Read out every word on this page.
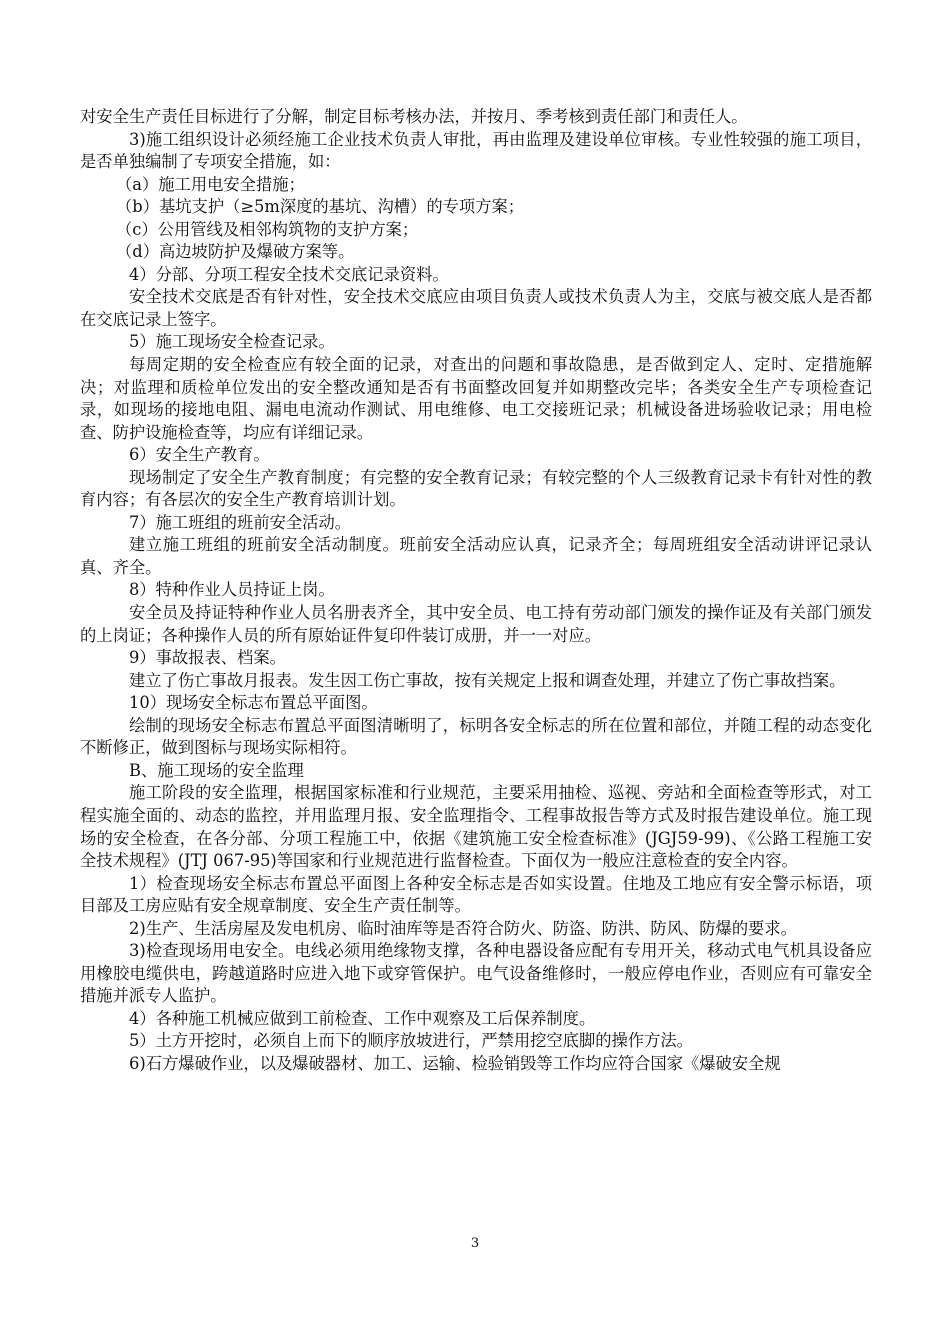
对安全生产责任目标进行了分解，制定目标考核办法，并按月、季考核到责任部门和责任人。

3)施工组织设计必须经施工企业技术负责人审批，再由监理及建设单位审核。专业性较强的施工项目，是否单独编制了专项安全措施，如：

（a）施工用电安全措施；

（b）基坑支护（≥5m深度的基坑、沟槽）的专项方案；

（c）公用管线及相邻构筑物的支护方案；

（d）高边坡防护及爆破方案等。

4）分部、分项工程安全技术交底记录资料。

安全技术交底是否有针对性，安全技术交底应由项目负责人或技术负责人为主，交底与被交底人是否都在交底记录上签字。

5）施工现场安全检查记录。

每周定期的安全检查应有较全面的记录，对查出的问题和事故隐患，是否做到定人、定时、定措施解决；对监理和质检单位发出的安全整改通知是否有书面整改回复并如期整改完毕；各类安全生产专项检查记录，如现场的接地电阻、漏电电流动作测试、用电维修、电工交接班记录；机械设备进场验收记录；用电检查、防护设施检查等，均应有详细记录。

6）安全生产教育。

现场制定了安全生产教育制度；有完整的安全教育记录；有较完整的个人三级教育记录卡有针对性的教育内容；有各层次的安全生产教育培训计划。

7）施工班组的班前安全活动。

建立施工班组的班前安全活动制度。班前安全活动应认真，记录齐全；每周班组安全活动讲评记录认真、齐全。

8）特种作业人员持证上岗。

安全员及持证特种作业人员名册表齐全，其中安全员、电工持有劳动部门颁发的操作证及有关部门颁发的上岗证；各种操作人员的所有原始证件复印件装订成册，并一一对应。

9）事故报表、档案。

建立了伤亡事故月报表。发生因工伤亡事故，按有关规定上报和调查处理，并建立了伤亡事故挡案。

10）现场安全标志布置总平面图。

绘制的现场安全标志布置总平面图清晰明了，标明各安全标志的所在位置和部位，并随工程的动态变化不断修正，做到图标与现场实际相符。

B、施工现场的安全监理

施工阶段的安全监理，根据国家标准和行业规范，主要采用抽检、巡视、旁站和全面检查等形式，对工程实施全面的、动态的监控，并用监理月报、安全监理指令、工程事故报告等方式及时报告建设单位。施工现场的安全检查，在各分部、分项工程施工中，依据《建筑施工安全检查标准》(JGJ59-99)、《公路工程施工安全技术规程》(JTJ 067-95)等国家和行业规范进行监督检查。下面仅为一般应注意检查的安全内容。

1）检查现场安全标志布置总平面图上各种安全标志是否如实设置。住地及工地应有安全警示标语，项目部及工房应贴有安全规章制度、安全生产责任制等。

2)生产、生活房屋及发电机房、临时油库等是否符合防火、防盗、防洪、防风、防爆的要求。

3)检查现场用电安全。电线必须用绝缘物支撑，各种电器设备应配有专用开关，移动式电气机具设备应用橡胶电缆供电，跨越道路时应进入地下或穿管保护。电气设备维修时，一般应停电作业，否则应有可靠安全措施并派专人监护。

4）各种施工机械应做到工前检查、工作中观察及工后保养制度。

5）土方开挖时，必须自上而下的顺序放坡进行，严禁用挖空底脚的操作方法。

6)石方爆破作业，以及爆破器材、加工、运输、检验销毁等工作均应符合国家《爆破安全规

3
